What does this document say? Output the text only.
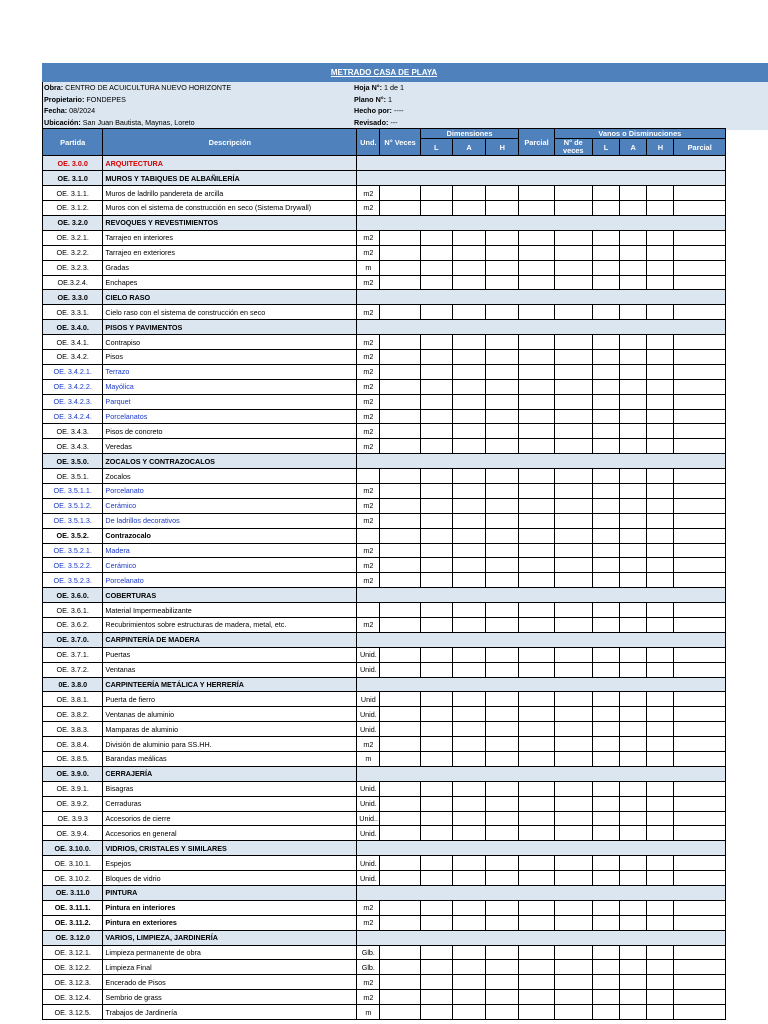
METRADO CASA DE PLAYA
Obra: CENTRO DE ACUICULTURA NUEVO HORIZONTE	Hoja N°: 1 de 1
Propietario: FONDEPES	Plano N°: 1
Fecha: 08/2024	Hecho por: ----
Ubicación: San Juan Bautista, Maynas, Loreto	Revisado: ---
Partida	Descripción	Und.	N° Veces	Dimensiones			Parcial	Vanos o Disminuciones				
				L	A	H		N° de veces	L	A	H	Parcial
OE. 3.0.0	ARQUITECTURA											
OE. 3.1.0	MUROS Y TABIQUES DE ALBAÑILERÍA											
OE. 3.1.1.	Muros de ladrillo pandereta de arcilla	m2										
OE. 3.1.2.	Muros con el sistema de construcción en seco (Sistema Drywall)	m2										
OE. 3.2.0	REVOQUES Y REVESTIMIENTOS											
OE. 3.2.1.	Tarrajeo en interiores	m2										
OE. 3.2.2.	Tarrajeo en exteriores	m2										
OE. 3.2.3.	Gradas	m										
OE.3.2.4.	Enchapes	m2										
OE. 3.3.0	CIELO RASO											
OE. 3.3.1.	Cielo raso con el sistema de construcción en seco	m2										
OE. 3.4.0.	PISOS Y PAVIMENTOS											
OE. 3.4.1.	Contrapiso	m2										
OE. 3.4.2.	Pisos	m2										
OE. 3.4.2.1.	Terrazo	m2										
OE. 3.4.2.2.	Mayólica	m2										
OE. 3.4.2.3.	Parquet	m2										
OE. 3.4.2.4.	Porcelanatos	m2										
OE. 3.4.3.	Pisos de concreto	m2										
OE. 3.4.3.	Veredas	m2										
OE. 3.5.0.	ZOCALOS Y CONTRAZOCALOS											
OE. 3.5.1.	Zocalos											
OE. 3.5.1.1.	Porcelanato	m2										
OE. 3.5.1.2.	Cerámico	m2										
OE. 3.5.1.3.	De ladrillos decorativos	m2										
OE. 3.5.2.	Contrazocalo											
OE. 3.5.2.1.	Madera	m2										
OE. 3.5.2.2.	Cerámico	m2										
OE. 3.5.2.3.	Porcelanato	m2										
OE. 3.6.0.	COBERTURAS											
OE. 3.6.1.	Material Impermeabilizante											
OE. 3.6.2.	Recubrimientos sobre estructuras de madera, metal, etc.	m2										
OE. 3.7.0.	CARPINTERÍA DE MADERA											
OE. 3.7.1.	Puertas	Unid.										
OE. 3.7.2.	Ventanas	Unid.										
0E. 3.8.0	CARPINTEERÍA METÁLICA Y HERRERÍA											
OE. 3.8.1.	Puerta de fierro	Unid										
OE. 3.8.2.	Ventanas de aluminio	Unid.										
OE. 3.8.3.	Mamparas de aluminio	Unid.										
OE. 3.8.4.	División de aluminio para SS.HH.	m2										
OE. 3.8.5.	Barandas meálicas	m										
OE. 3.9.0.	CERRAJERÍA											
OE. 3.9.1.	Bisagras	Unid.										
OE. 3.9.2.	Cerraduras	Unid.										
OE. 3.9.3	Accesorios de cierre	Unid..										
OE. 3.9.4.	Accesorios en general	Unid.										
OE. 3.10.0.	VIDRIOS, CRISTALES Y SIMILARES											
OE. 3.10.1.	Espejos	Unid.										
OE. 3.10.2.	Bloques de vidrio	Unid.										
OE. 3.11.0	PINTURA											
OE. 3.11.1.	Pintura en interiores	m2										
OE. 3.11.2.	Pintura en exteriores	m2										
OE. 3.12.0	VARIOS, LIMPIEZA, JARDINERÍA											
OE. 3.12.1.	Limpieza permanente de obra	Glb.										
OE. 3.12.2.	Limpieza Final	Glb.										
OE. 3.12.3.	Encerado de Pisos	m2										
OE. 3.12.4.	Sembrio de grass	m2										
OE. 3.12.5.	Trabajos de Jardinería	m										
